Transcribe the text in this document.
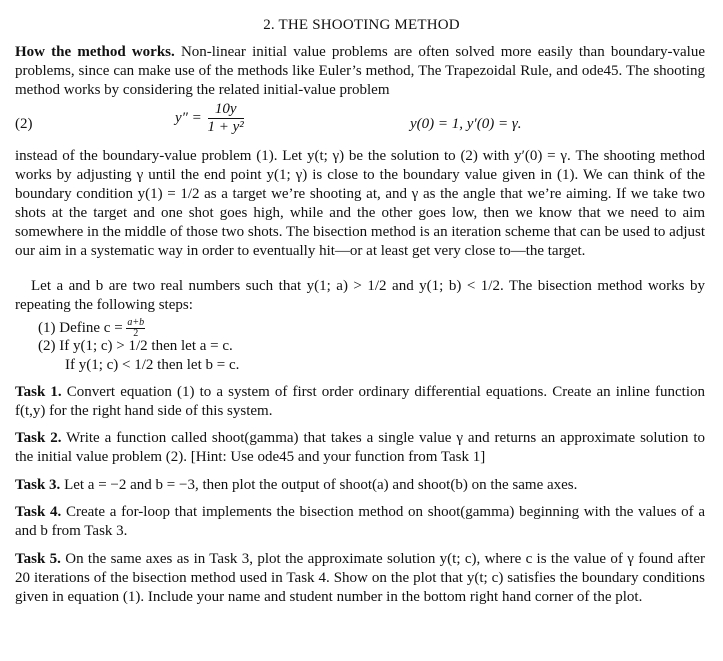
2. THE SHOOTING METHOD
How the method works. Non-linear initial value problems are often solved more easily than boundary-value problems, since can make use of the methods like Euler’s method, The Trapezoidal Rule, and ode45. The shooting method works by considering the related initial-value problem
(2)	$y'' = \frac{10y}{\text{1 + y²}}$	y(0) = 1, y′(0) = γ.
instead of the boundary-value problem (1). Let y(t; γ) be the solution to (2) with y′(0) = γ. The shooting method works by adjusting γ until the end point y(1; γ) is close to the boundary value given in (1). We can think of the boundary condition y(1) = 1/2 as a target we’re shooting at, and γ as the angle that we’re aiming. If we take two shots at the target and one shot goes high, while and the other goes low, then we know that we need to aim somewhere in the middle of those two shots. The bisection method is an iteration scheme that can be used to adjust our aim in a systematic way in order to eventually hit—or at least get very close to—the target.
Let a and b are two real numbers such that y(1; a) > 1/2 and y(1; b) < 1/2. The bisection method works by repeating the following steps:
(1) Define $c = \frac{a+b}{2}$
(2) If y(1; c) > 1/2 then let a = c.
If y(1; c) < 1/2 then let b = c.
Task 1. Convert equation (1) to a system of first order ordinary differential equations. Create an inline function f(t,y) for the right hand side of this system.
Task 2. Write a function called shoot(gamma) that takes a single value γ and returns an approximate solution to the initial value problem (2). [Hint: Use ode45 and your function from Task 1]
Task 3. Let a = −2 and b = −3, then plot the output of shoot(a) and shoot(b) on the same axes.
Task 4. Create a for-loop that implements the bisection method on shoot(gamma) beginning with the values of a and b from Task 3.
Task 5. On the same axes as in Task 3, plot the approximate solution y(t; c), where c is the value of γ found after 20 iterations of the bisection method used in Task 4. Show on the plot that y(t; c) satisfies the boundary conditions given in equation (1). Include your name and student number in the bottom right hand corner of the plot.
